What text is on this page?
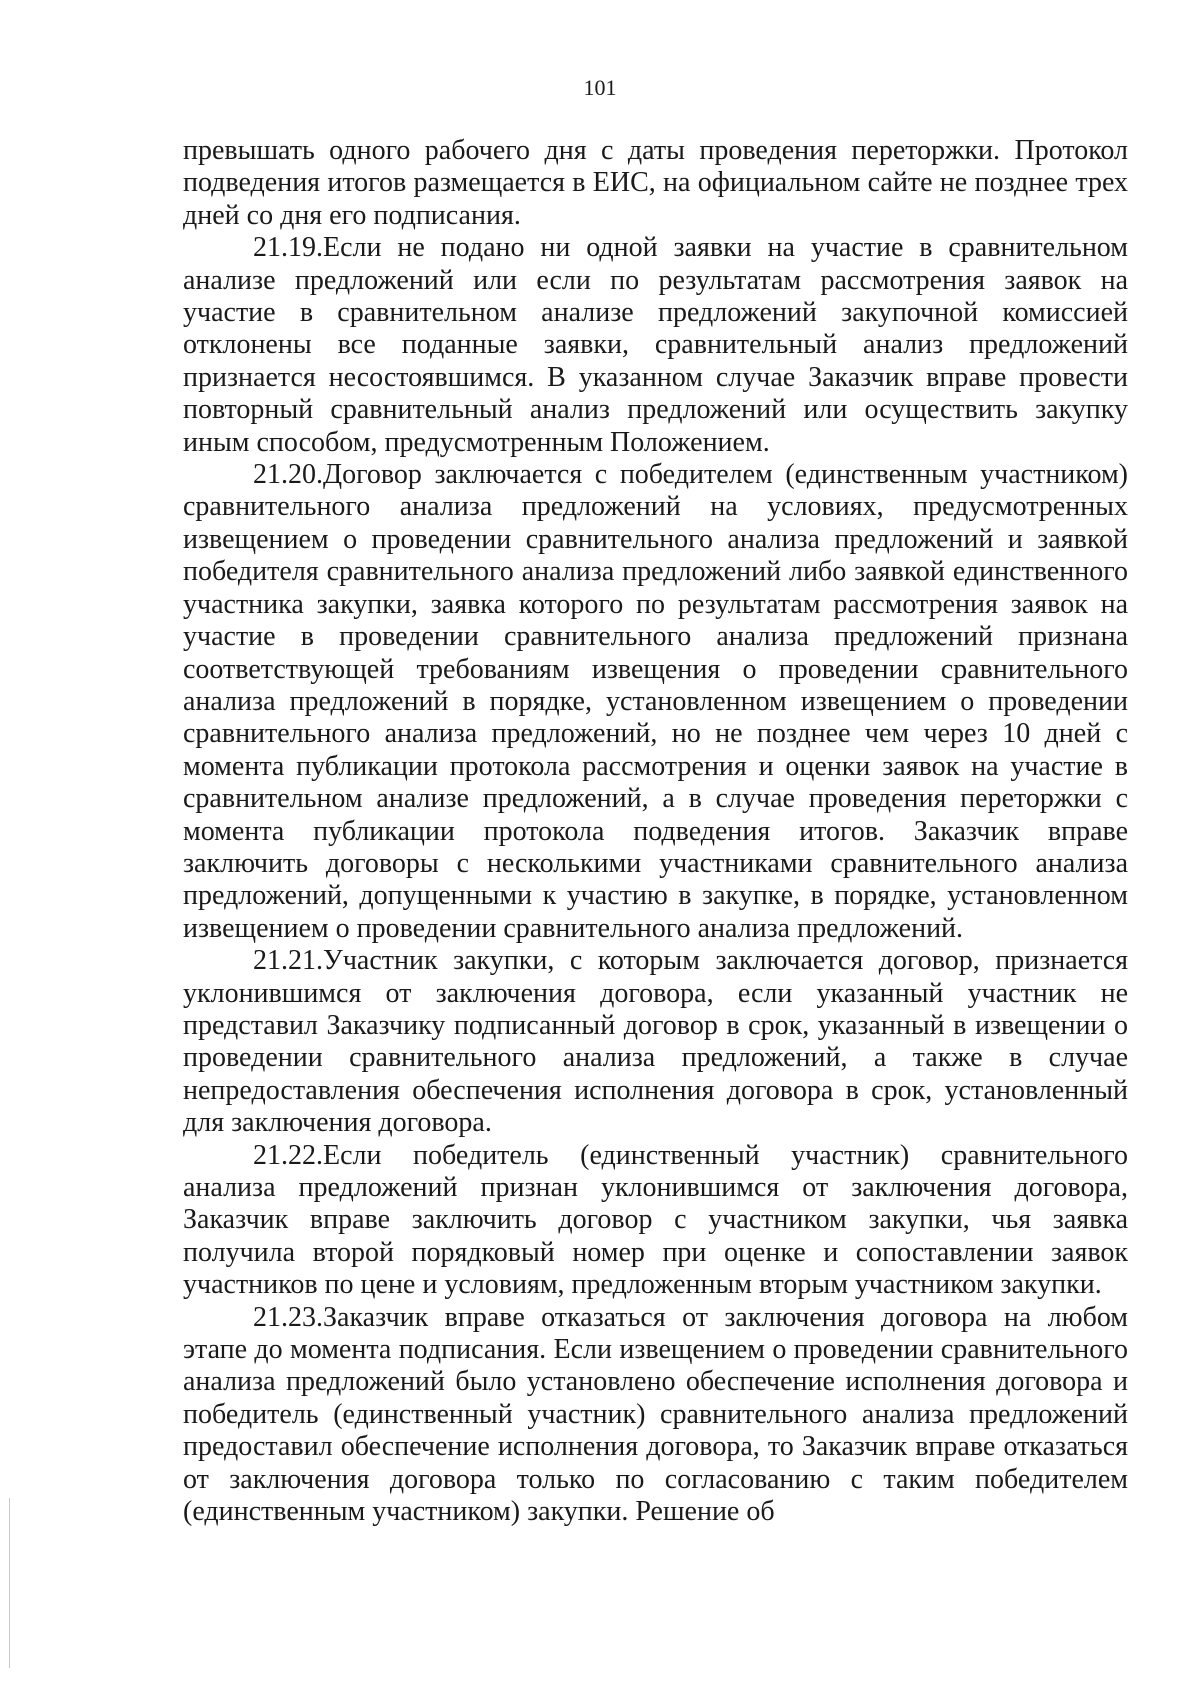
101

превышать одного рабочего дня с даты проведения переторжки. Протокол подведения итогов размещается в ЕИС, на официальном сайте не позднее трех дней со дня его подписания.

21.19.Если не подано ни одной заявки на участие в сравнительном анализе предложений или если по результатам рассмотрения заявок на участие в сравнительном анализе предложений закупочной комиссией отклонены все поданные заявки, сравнительный анализ предложений признается несостоявшимся. В указанном случае Заказчик вправе провести повторный сравнительный анализ предложений или осуществить закупку иным способом, предусмотренным Положением.

21.20.Договор заключается с победителем (единственным участником) сравнительного анализа предложений на условиях, предусмотренных извещением о проведении сравнительного анализа предложений и заявкой победителя сравнительного анализа предложений либо заявкой единственного участника закупки, заявка которого по результатам рассмотрения заявок на участие в проведении сравнительного анализа предложений признана соответствующей требованиям извещения о проведении сравнительного анализа предложений в порядке, установленном извещением о проведении сравнительного анализа предложений, но не позднее чем через 10 дней с момента публикации протокола рассмотрения и оценки заявок на участие в сравнительном анализе предложений, а в случае проведения переторжки с момента публикации протокола подведения итогов. Заказчик вправе заключить договоры с несколькими участниками сравнительного анализа предложений, допущенными к участию в закупке, в порядке, установленном извещением о проведении сравнительного анализа предложений.

21.21.Участник закупки, с которым заключается договор, признается уклонившимся от заключения договора, если указанный участник не представил Заказчику подписанный договор в срок, указанный в извещении о проведении сравнительного анализа предложений, а также в случае непредоставления обеспечения исполнения договора в срок, установленный для заключения договора.

21.22.Если победитель (единственный участник) сравнительного анализа предложений признан уклонившимся от заключения договора, Заказчик вправе заключить договор с участником закупки, чья заявка получила второй порядковый номер при оценке и сопоставлении заявок участников по цене и условиям, предложенным вторым участником закупки.

21.23.Заказчик вправе отказаться от заключения договора на любом этапе до момента подписания. Если извещением о проведении сравнительного анализа предложений было установлено обеспечение исполнения договора и победитель (единственный участник) сравнительного анализа предложений предоставил обеспечение исполнения договора, то Заказчик вправе отказаться от заключения договора только по согласованию с таким победителем (единственным участником) закупки. Решение об
